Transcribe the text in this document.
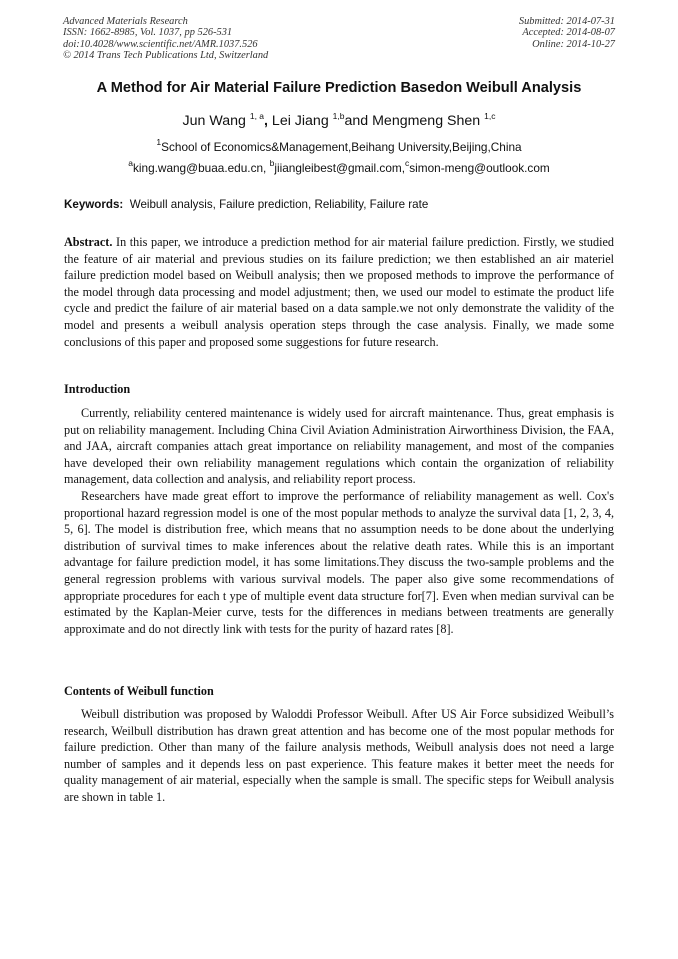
Advanced Materials Research
ISSN: 1662-8985, Vol. 1037, pp 526-531
doi:10.4028/www.scientific.net/AMR.1037.526
© 2014 Trans Tech Publications Ltd, Switzerland
Submitted: 2014-07-31
Accepted: 2014-08-07
Online: 2014-10-27
A Method for Air Material Failure Prediction Basedon Weibull Analysis
Jun Wang $^{1, a}$, Lei Jiang $^{1,b}$and Mengmeng Shen $^{1,c}$
$^1$School of Economics&Management,Beihang University,Beijing,China
$^a$king.wang@buaa.edu.cn, $^b$jiiangleibest@gmail.com,$^c$simon-meng@outlook.com
Keywords:  Weibull analysis, Failure prediction, Reliability, Failure rate

Abstract. In this paper, we introduce a prediction method for air material failure prediction. Firstly, we studied the feature of air material and previous studies on its failure prediction; we then established an air materiel failure prediction model based on Weibull analysis; then we proposed methods to improve the performance of the model through data processing and model adjustment; then, we used our model to estimate the product life cycle and predict the failure of air material based on a data sample.we not only demonstrate the validity of the model and presents a weibull analysis operation steps through the case analysis. Finally, we made some conclusions of this paper and proposed some suggestions for future research.

Introduction

Currently, reliability centered maintenance is widely used for aircraft maintenance. Thus, great emphasis is put on reliability management. Including China Civil Aviation Administration Airworthiness Division, the FAA, and JAA, aircraft companies attach great importance on reliability management, and most of the companies have developed their own reliability management regulations which contain the organization of reliability management, data collection and analysis, and reliability report process.

Researchers have made great effort to improve the performance of reliability management as well. Cox's proportional hazard regression model is one of the most popular methods to analyze the survival data [1, 2, 3, 4, 5, 6]. The model is distribution free, which means that no assumption needs to be done about the underlying distribution of survival times to make inferences about the relative death rates. While this is an important advantage for failure prediction model, it has some limitations.They discuss the two-sample problems and the general regression problems with various survival models. The paper also give some recommendations of appropriate procedures for each t ype of multiple event data structure for[7]. Even when median survival can be estimated by the Kaplan-Meier curve, tests for the differences in medians between treatments are generally approximate and do not directly link with tests for the purity of hazard rates [8].

Contents of Weibull function

Weibull distribution was proposed by Waloddi Professor Weibull. After US Air Force subsidized Weibull’s research, Weilbull distribution has drawn great attention and has become one of the most popular methods for failure prediction. Other than many of the failure analysis methods, Weibull analysis does not need a large number of samples and it depends less on past experience. This feature makes it better meet the needs for quality management of air material, especially when the sample is small. The specific steps for Weibull analysis are shown in table 1.
